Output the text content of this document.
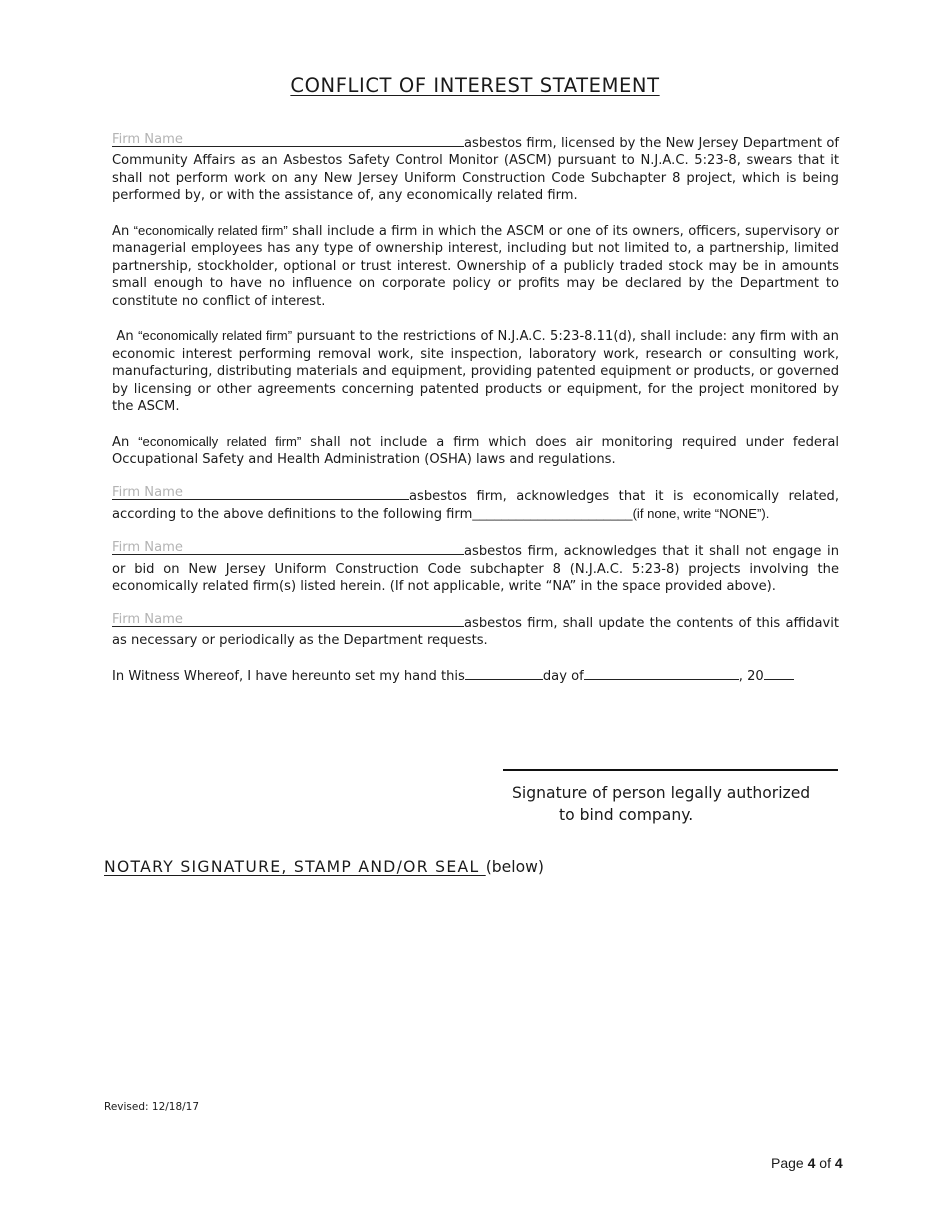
CONFLICT OF INTEREST STATEMENT

Firm Name	asbestos firm, licensed by the New Jersey Department of Community Affairs as an Asbestos Safety Control Monitor (ASCM) pursuant to N.J.A.C. 5:23-8, swears that it shall not perform work on any New Jersey Uniform Construction Code Subchapter 8 project, which is being performed by, or with the assistance of, any economically related firm.

An “economically related firm” shall include a firm in which the ASCM or one of its owners, officers, supervisory or managerial employees has any type of ownership interest, including but not limited to, a partnership, limited partnership, stockholder, optional or trust interest. Ownership of a publicly traded stock may be in amounts small enough to have no influence on corporate policy or profits may be declared by the Department to constitute no conflict of interest.

An “economically related firm” pursuant to the restrictions of N.J.A.C. 5:23-8.11(d), shall include: any firm with an economic interest performing removal work, site inspection, laboratory work, research or consulting work, manufacturing, distributing materials and equipment, providing patented equipment or products, or governed by licensing or other agreements concerning patented products or equipment, for the project monitored by the ASCM.

An “economically related firm” shall not include a firm which does air monitoring required under federal Occupational Safety and Health Administration (OSHA) laws and regulations.

Firm Name	asbestos firm, acknowledges that it is economically related, according to the above definitions to the following firm______________________(if none, write “NONE”).

Firm Name	asbestos firm, acknowledges that it shall not engage in or bid on New Jersey Uniform Construction Code subchapter 8 (N.J.A.C. 5:23-8) projects involving the economically related firm(s) listed herein. (If not applicable, write “NA” in the space provided above).

Firm Name	asbestos firm, shall update the contents of this affidavit as necessary or periodically as the Department requests.

In Witness Whereof, I have hereunto set my hand this	day of	, 20

Signature of person legally authorized
to bind company.
NOTARY SIGNATURE, STAMP AND/OR SEAL (below)
Revised: 12/18/17
Page 4 of 4
